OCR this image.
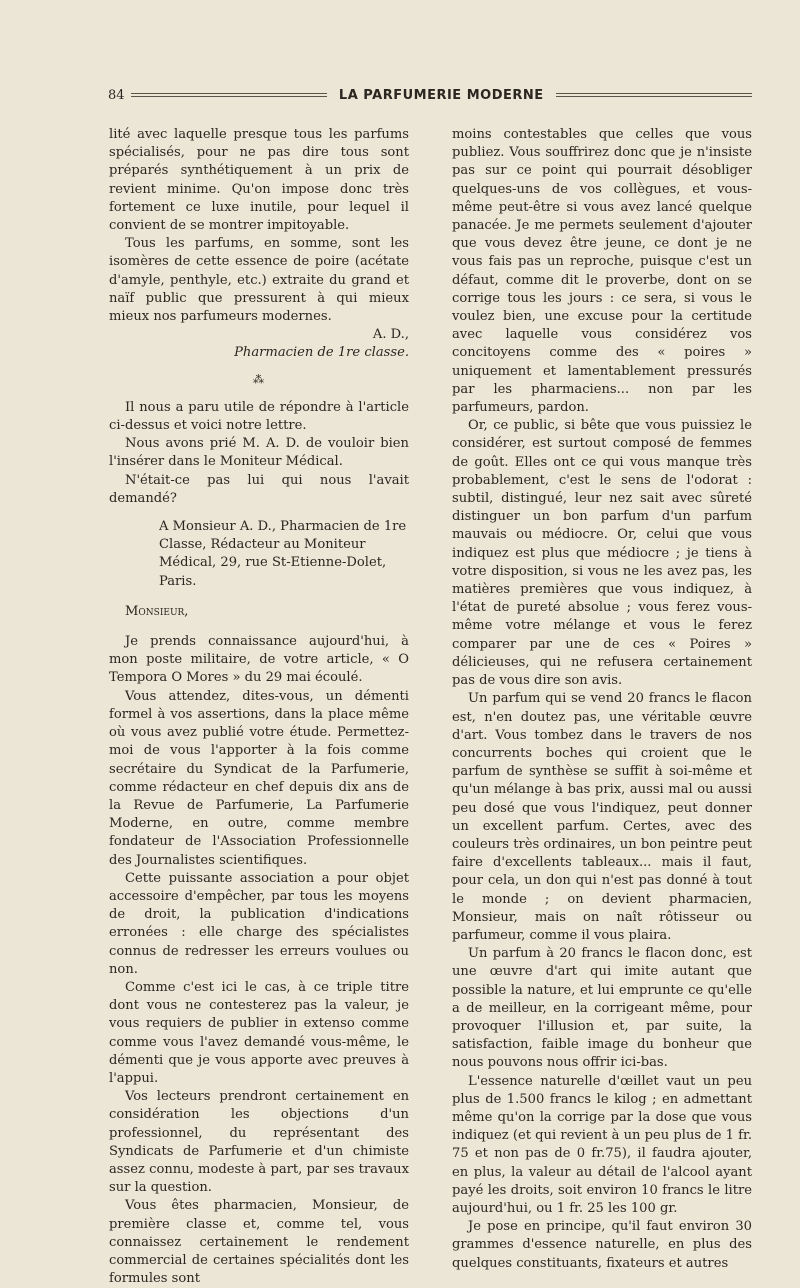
84	LA PARFUMERIE MODERNE

lité avec laquelle presque tous les parfums spécialisés, pour ne pas dire tous sont préparés synthétiquement à un prix de revient minime. Qu'on impose donc très fortement ce luxe inutile, pour lequel il convient de se montrer impitoyable.

Tous les parfums, en somme, sont les isomères de cette essence de poire (acétate d'amyle, penthyle, etc.) extraite du grand et naïf public que pressurent à qui mieux mieux nos parfumeurs modernes.

A. D.,

Pharmacien de 1re classe.

⁂

Il nous a paru utile de répondre à l'article ci-dessus et voici notre lettre.

Nous avons prié M. A. D. de vouloir bien l'insérer dans le Moniteur Médical.

N'était-ce pas lui qui nous l'avait demandé?

A Monsieur A. D., Pharmacien de 1re Classe, Rédacteur au Moniteur Médical, 29, rue St-Etienne-Dolet, Paris.

Monsieur,

Je prends connaissance aujourd'hui, à mon poste militaire, de votre article, « O Tempora O Mores » du 29 mai écoulé.

Vous attendez, dites-vous, un démenti formel à vos assertions, dans la place même où vous avez publié votre étude. Permettez-moi de vous l'apporter à la fois comme secrétaire du Syndicat de la Parfumerie, comme rédacteur en chef depuis dix ans de la Revue de Parfumerie, La Parfumerie Moderne, en outre, comme membre fondateur de l'Association Professionnelle des Journalistes scientifiques.

Cette puissante association a pour objet accessoire d'empêcher, par tous les moyens de droit, la publication d'indications erronées : elle charge des spécialistes connus de redresser les erreurs voulues ou non.

Comme c'est ici le cas, à ce triple titre dont vous ne contesterez pas la valeur, je vous requiers de publier in extenso comme comme vous l'avez demandé vous-même, le démenti que je vous apporte avec preuves à l'appui.

Vos lecteurs prendront certainement en considération les objections d'un professionnel, du représentant des Syndicats de Parfumerie et d'un chimiste assez connu, modeste à part, par ses travaux sur la question.

Vous êtes pharmacien, Monsieur, de première classe et, comme tel, vous connaissez certainement le rendement commercial de certaines spécialités dont les formules sont

moins contestables que celles que vous publiez. Vous souffrirez donc que je n'insiste pas sur ce point qui pourrait désobliger quelques-uns de vos collègues, et vous-même peut-être si vous avez lancé quelque panacée. Je me permets seulement d'ajouter que vous devez être jeune, ce dont je ne vous fais pas un reproche, puisque c'est un défaut, comme dit le proverbe, dont on se corrige tous les jours : ce sera, si vous le voulez bien, une excuse pour la certitude avec laquelle vous considérez vos concitoyens comme des « poires » uniquement et lamentablement pressurés par les pharmaciens... non par les parfumeurs, pardon.

Or, ce public, si bête que vous puissiez le considérer, est surtout composé de femmes de goût. Elles ont ce qui vous manque très probablement, c'est le sens de l'odorat : subtil, distingué, leur nez sait avec sûreté distinguer un bon parfum d'un parfum mauvais ou médiocre. Or, celui que vous indiquez est plus que médiocre ; je tiens à votre disposition, si vous ne les avez pas, les matières premières que vous indiquez, à l'état de pureté absolue ; vous ferez vous-même votre mélange et vous le ferez comparer par une de ces « Poires » délicieuses, qui ne refusera certainement pas de vous dire son avis.

Un parfum qui se vend 20 francs le flacon est, n'en doutez pas, une véritable œuvre d'art. Vous tombez dans le travers de nos concurrents boches qui croient que le parfum de synthèse se suffit à soi-même et qu'un mélange à bas prix, aussi mal ou aussi peu dosé que vous l'indiquez, peut donner un excellent parfum. Certes, avec des couleurs très ordinaires, un bon peintre peut faire d'excellents tableaux... mais il faut, pour cela, un don qui n'est pas donné à tout le monde ; on devient pharmacien, Monsieur, mais on naît rôtisseur ou parfumeur, comme il vous plaira.

Un parfum à 20 francs le flacon donc, est une œuvre d'art qui imite autant que possible la nature, et lui emprunte ce qu'elle a de meilleur, en la corrigeant même, pour provoquer l'illusion et, par suite, la satisfaction, faible image du bonheur que nous pouvons nous offrir ici-bas.

L'essence naturelle d'œillet vaut un peu plus de 1.500 francs le kilog ; en admettant même qu'on la corrige par la dose que vous indiquez (et qui revient à un peu plus de 1 fr. 75 et non pas de 0 fr.75), il faudra ajouter, en plus, la valeur au détail de l'alcool ayant payé les droits, soit environ 10 francs le litre aujourd'hui, ou 1 fr. 25 les 100 gr.

Je pose en principe, qu'il faut environ 30 grammes d'essence naturelle, en plus des quelques constituants, fixateurs et autres
